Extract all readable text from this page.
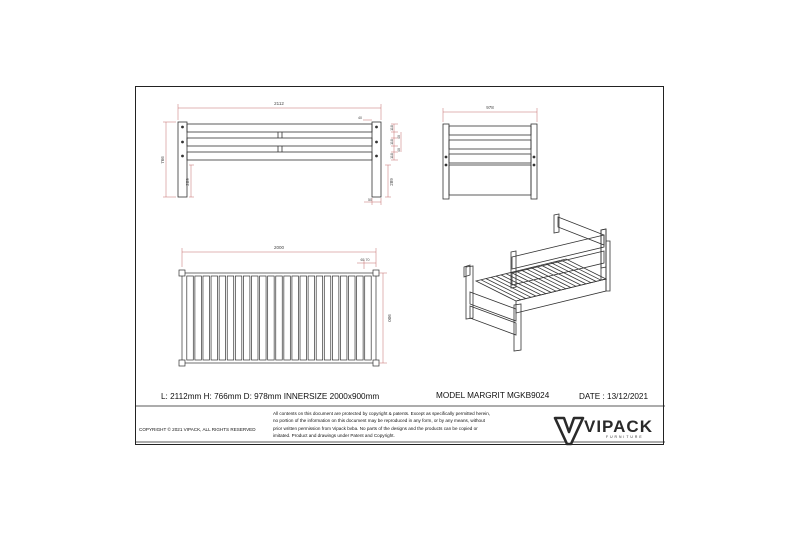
2112
766
289	289
50
40
118
40
118
40
118
978
2000
65 70
900
VIPACK
FURNITURE
L: 2112mm H: 766mm D: 978mm INNERSIZE 2000x900mm	MODEL MARGRIT MGKB9024	DATE : 13/12/2021
COPYRIGHT © 2021 VIPACK, ALL RIGHTS RESERVED
All contents on this document are protected by copyright & patents. Except as specifically permitted herein,
no portion of the information on this document may be reproduced in any form, or by any means, without
prior written permission from Vipack bvba. No parts of the designs and the products can be copied or
imitated. Product and drawings under Patent and Copyright.
